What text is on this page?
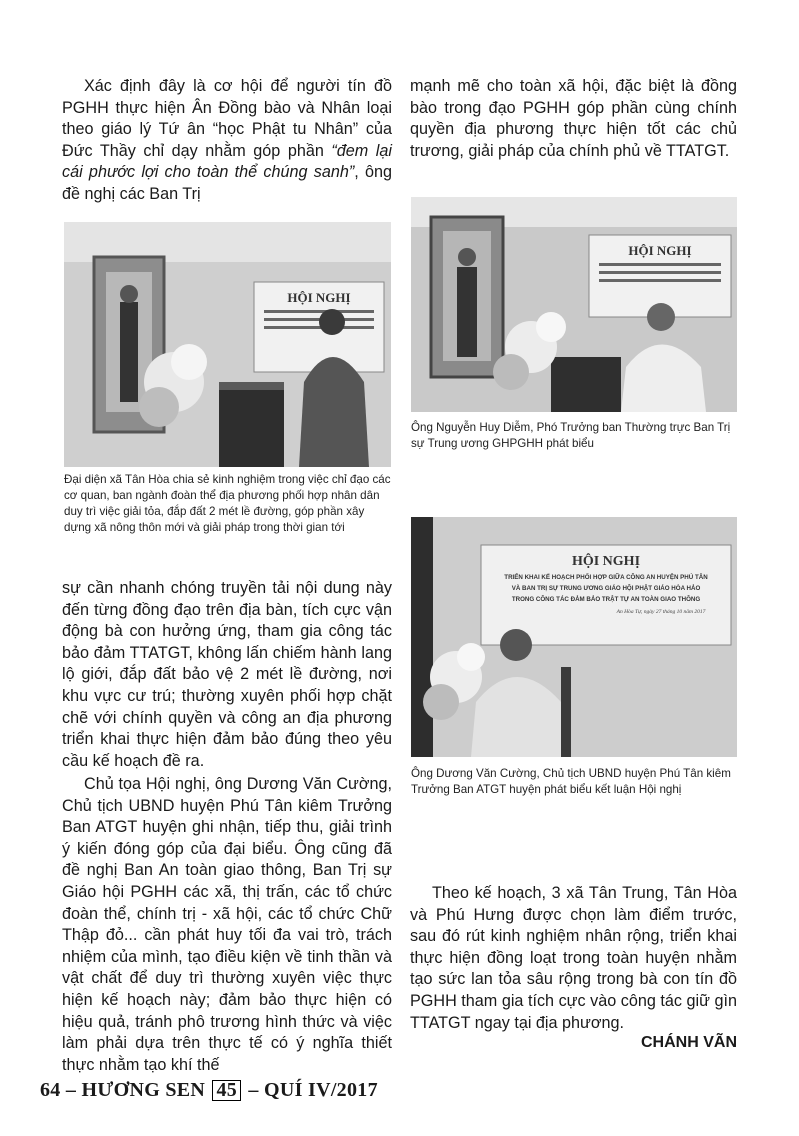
Xác định đây là cơ hội để người tín đồ PGHH thực hiện Ân Đồng bào và Nhân loại theo giáo lý Tứ ân “học Phật tu Nhân” của Đức Thầy chỉ dạy nhằm góp phần “đem lại cái phước lợi cho toàn thể chúng sanh”, ông đề nghị các Ban Trị

mạnh mẽ cho toàn xã hội, đặc biệt là đồng bào trong đạo PGHH góp phần cùng chính quyền địa phương thực hiện tốt các chủ trương, giải pháp của chính phủ về TTATGT.

HỘI NGHỊ

Đại diện xã Tân Hòa chia sẻ kinh nghiệm trong việc chỉ đạo các cơ quan, ban ngành đoàn thể địa phương phối hợp nhân dân duy trì việc giải tỏa, đắp đất 2 mét lề đường, góp phần xây dựng xã nông thôn mới và giải pháp trong thời gian tới

HỘI NGHỊ

Ông Nguyễn Huy Diễm, Phó Trưởng ban Thường trực Ban Trị sự Trung ương GHPGHH phát biểu

HỘI NGHỊ
TRIỂN KHAI KẾ HOẠCH PHỐI HỢP GIỮA CÔNG AN HUYỆN PHÚ TÂN
VÀ BAN TRỊ SỰ TRUNG ƯƠNG GIÁO HỘI PHẬT GIÁO HÒA HẢO
TRONG CÔNG TÁC ĐẢM BẢO TRẬT TỰ AN TOÀN GIAO THÔNG
An Hòa Tự, ngày 27 tháng 10 năm 2017

Ông Dương Văn Cường, Chủ tịch UBND huyện Phú Tân kiêm Trưởng Ban ATGT huyện phát biểu kết luận Hội nghị

sự cần nhanh chóng truyền tải nội dung này đến từng đồng đạo trên địa bàn, tích cực vận động bà con hưởng ứng, tham gia công tác bảo đảm TTATGT, không lấn chiếm hành lang lộ giới, đắp đất bảo vệ 2 mét lề đường, nơi khu vực cư trú; thường xuyên phối hợp chặt chẽ với chính quyền và công an địa phương triển khai thực hiện đảm bảo đúng theo yêu cầu kế hoạch đề ra.

Chủ tọa Hội nghị, ông Dương Văn Cường, Chủ tịch UBND huyện Phú Tân kiêm Trưởng Ban ATGT huyện ghi nhận, tiếp thu, giải trình ý kiến đóng góp của đại biểu. Ông cũng đã đề nghị Ban An toàn giao thông, Ban Trị sự Giáo hội PGHH các xã, thị trấn, các tổ chức đoàn thể, chính trị - xã hội, các tổ chức Chữ Thập đỏ... cần phát huy tối đa vai trò, trách nhiệm của mình, tạo điều kiện về tinh thần và vật chất để duy trì thường xuyên việc thực hiện kế hoạch này; đảm bảo thực hiện có hiệu quả, tránh phô trương hình thức và việc làm phải dựa trên thực tế có ý nghĩa thiết thực nhằm tạo khí thế

Theo kế hoạch, 3 xã Tân Trung, Tân Hòa và Phú Hưng được chọn làm điểm trước, sau đó rút kinh nghiệm nhân rộng, triển khai thực hiện đồng loạt trong toàn huyện nhằm tạo sức lan tỏa sâu rộng trong bà con tín đồ PGHH tham gia tích cực vào công tác giữ gìn TTATGT ngay tại địa phương.

CHÁNH VÃN
64 – HƯƠNG SEN 45 – QUÍ IV/2017
